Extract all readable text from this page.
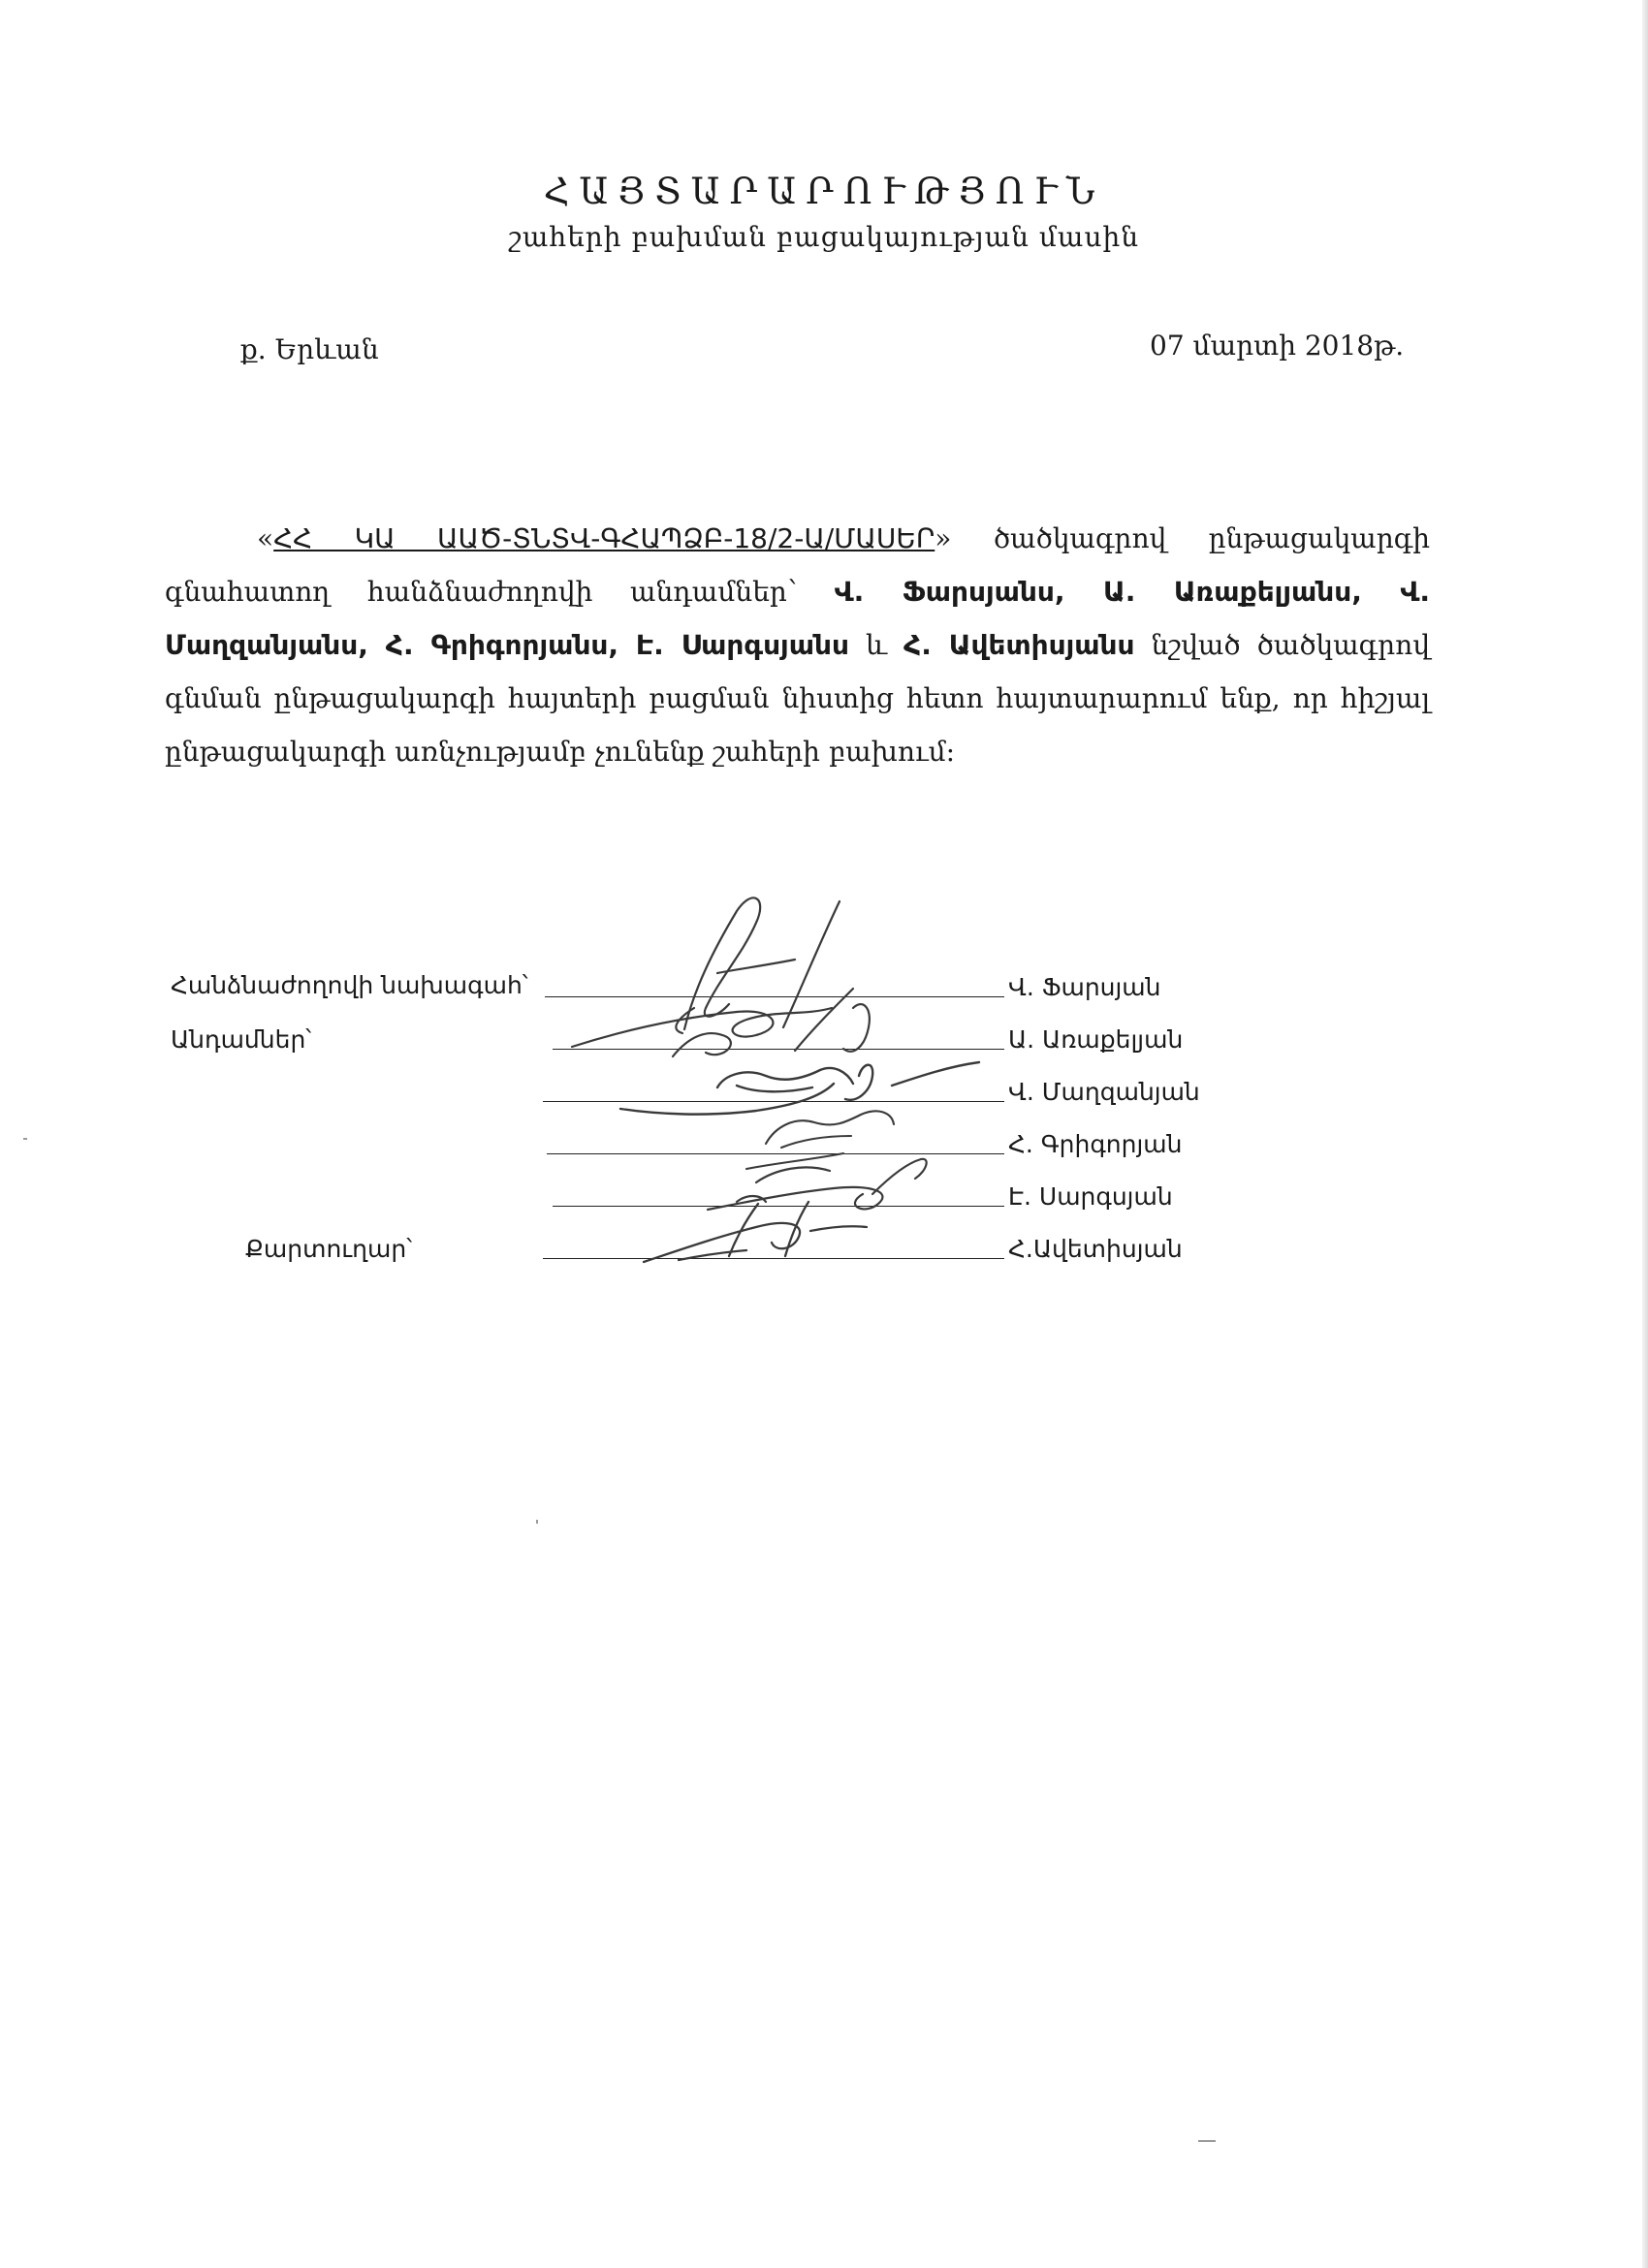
ՀԱՅՏԱՐԱՐՈՒԹՅՈՒՆ
շահերի բախման բացակայության մասին
ք. Երևան	07 մարտի 2018թ.
«ՀՀ ԿԱ ԱԱԾ-ՏՆՏՎ-ԳՀԱՊՁԲ-18/2-Ա/ՄԱՍԵՐ» ծածկագրով ընթացակարգի գնահատող հանձնաժողովի անդամներ՝ Վ. Ֆարսյանս, Ա. Առաքելյանս, Վ. Մաղզանյանս, Հ. Գրիգորյանս, Է. Սարգսյանս և Հ. Ավետիսյանս նշված ծածկագրով գնման ընթացակարգի հայտերի բացման նիստից հետո հայտարարում ենք, որ հիշյալ ընթացակարգի առնչությամբ չունենք շահերի բախում:
Հանձնաժողովի նախագահ՝
Անդամներ՝
Քարտուղար՝
Վ. Ֆարսյան
Ա. Առաքելյան
Վ. Մաղզանյան
Հ. Գրիգորյան
Է. Սարգսյան
Հ.Ավետիսյան
